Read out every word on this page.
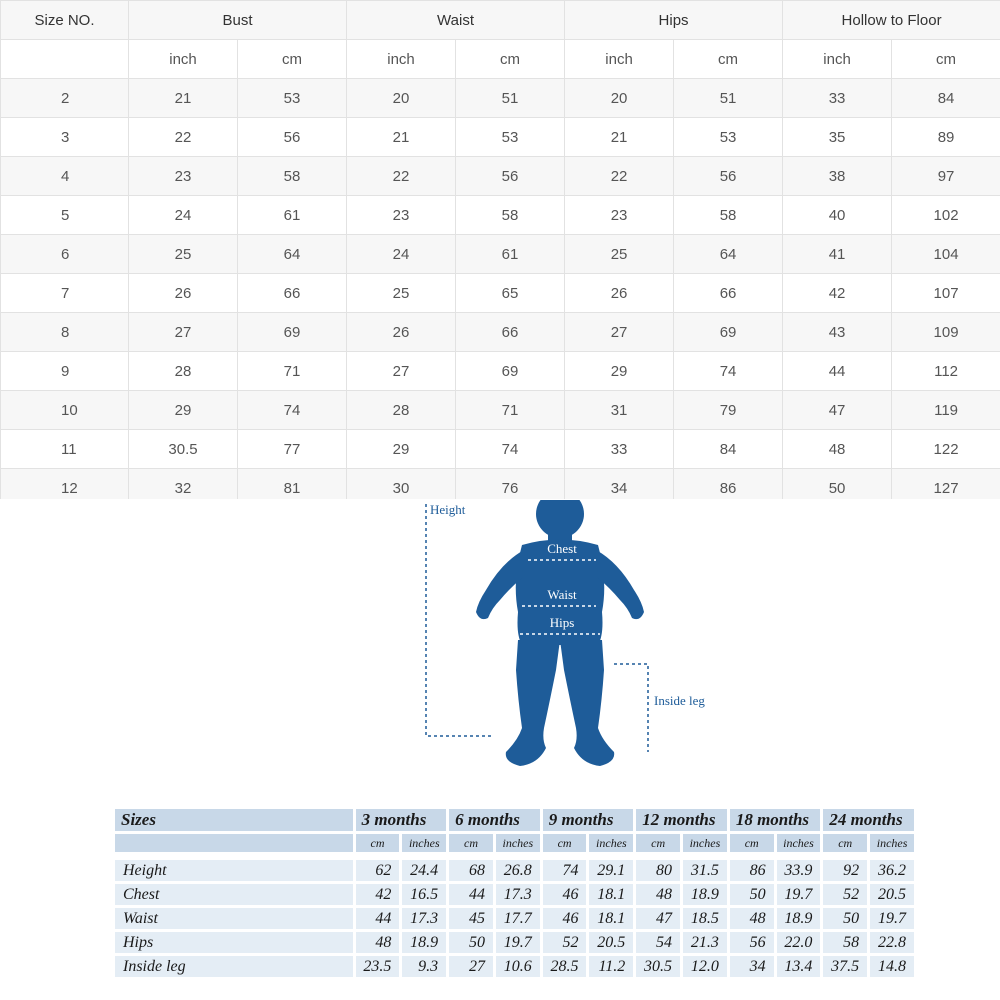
Size NO.	Bust		Waist		Hips		Hollow to Floor	
	inch	cm	inch	cm	inch	cm	inch	cm
2	21	53	20	51	20	51	33	84
3	22	56	21	53	21	53	35	89
4	23	58	22	56	22	56	38	97
5	24	61	23	58	23	58	40	102
6	25	64	24	61	25	64	41	104
7	26	66	25	65	26	66	42	107
8	27	69	26	66	27	69	43	109
9	28	71	27	69	29	74	44	112
10	29	74	28	71	31	79	47	119
11	30.5	77	29	74	33	84	48	122
12	32	81	30	76	34	86	50	127
Height
Chest
Waist
Hips
Inside leg
Sizes	3 months		6 months		9 months		12 months		18 months		24 months	
	cm	inches	cm	inches	cm	inches	cm	inches	cm	inches	cm	inches

Height	62	24.4	68	26.8	74	29.1	80	31.5	86	33.9	92	36.2
Chest	42	16.5	44	17.3	46	18.1	48	18.9	50	19.7	52	20.5
Waist	44	17.3	45	17.7	46	18.1	47	18.5	48	18.9	50	19.7
Hips	48	18.9	50	19.7	52	20.5	54	21.3	56	22.0	58	22.8
Inside leg	23.5	9.3	27	10.6	28.5	11.2	30.5	12.0	34	13.4	37.5	14.8
